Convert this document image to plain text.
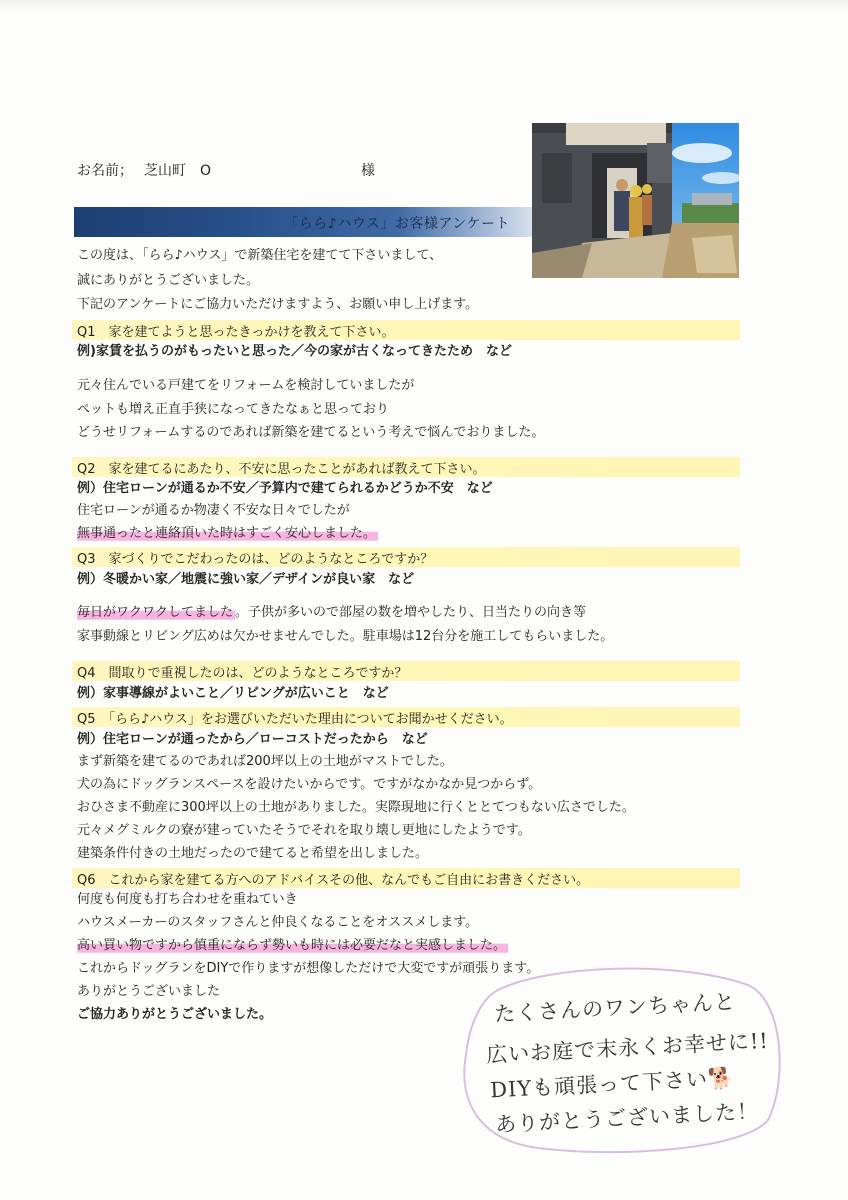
お名前； 芝山町　O	様
「らら♪ハウス」お客様アンケート
この度は、「らら♪ハウス」で新築住宅を建てて下さいまして、
誠にありがとうございました。
下記のアンケートにご協力いただけますよう、お願い申し上げます。
Q1　家を建てようと思ったきっかけを教えて下さい。
例)家賃を払うのがもったいと思った／今の家が古くなってきたため　など
元々住んでいる戸建てをリフォームを検討していましたが
ペットも増え正直手狭になってきたなぁと思っており
どうせリフォームするのであれば新築を建てるという考えで悩んでおりました。
Q2　家を建てるにあたり、不安に思ったことがあれば教えて下さい。
例）住宅ローンが通るか不安／予算内で建てられるかどうか不安　など
住宅ローンが通るか物凄く不安な日々でしたが
無事通ったと連絡頂いた時はすごく安心しました。
Q3　家づくりでこだわったのは、どのようなところですか？
例）冬暖かい家／地震に強い家／デザインが良い家　など
毎日がワクワクしてました 。子供が多いので部屋の数を増やしたり、日当たりの向き等
家事動線とリビング広めは欠かせませんでした。駐車場は12台分を施工してもらいました。
Q4　間取りで重視したのは、どのようなところですか？
例）家事導線がよいこと／リビングが広いこと　など
Q5　「らら♪ハウス」をお選びいただいた理由についてお聞かせください。
例）住宅ローンが通ったから／ローコストだったから　など
まず新築を建てるのであれば200坪以上の土地がマストでした。
犬の為にドッグランスペースを設けたいからです。ですがなかなか見つからず。
おひさま不動産に300坪以上の土地がありました。実際現地に行くととてつもない広さでした。
元々メグミルクの寮が建っていたそうでそれを取り壊し更地にしたようです。
建築条件付きの土地だったので建てると希望を出しました。
Q6　これから家を建てる方へのアドバイスその他、なんでもご自由にお書きください。
何度も何度も打ち合わせを重ねていき
ハウスメーカーのスタッフさんと仲良くなることをオススメします。
高い買い物ですから慎重にならず勢いも時には必要だなと実感しました。
これからドッグランをDIYで作りますが想像しただけで大変ですが頑張ります。
ありがとうございました
ご協力ありがとうございました。	たくさんのワンちゃんと
広いお庭で末永くお幸せに!!
DIYも頑張って下さい🐕
ありがとうございました！
